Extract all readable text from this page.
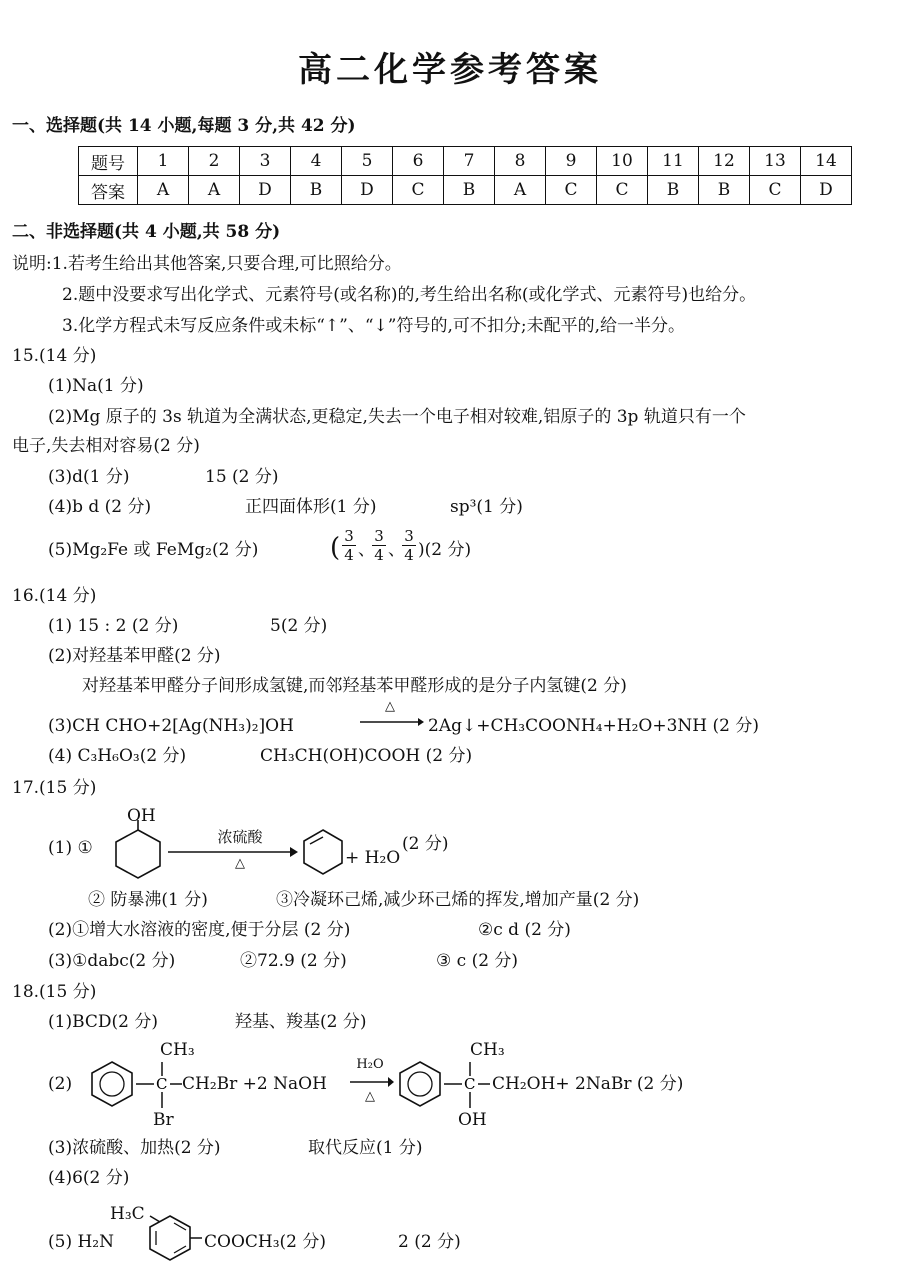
高二化学参考答案
一、选择题(共 14 小题,每题 3 分,共 42 分)
题号	1	2	3	4	5	6	7	8	9	10	11	12	13	14
答案	A	A	D	B	D	C	B	A	C	C	B	B	C	D
二、非选择题(共 4 小题,共 58 分)
说明:1.若考生给出其他答案,只要合理,可比照给分。
2.题中没要求写出化学式、元素符号(或名称)的,考生给出名称(或化学式、元素符号)也给分。
3.化学方程式未写反应条件或未标“↑”、“↓”符号的,可不扣分;未配平的,给一半分。
15.(14 分)
(1)Na(1 分)
(2)Mg 原子的 3s 轨道为全满状态,更稳定,失去一个电子相对较难,铝原子的 3p 轨道只有一个
电子,失去相对容易(2 分)
(3)d(1 分)	15 (2 分)
(4)b d (2 分)	正四面体形(1 分)	sp³(1 分)
(5)Mg₂Fe 或 FeMg₂(2 分)	( $\frac{3}{4}$ 、
$\frac{3}{4}$ 、
$\frac{3}{4} )(2$ 分)
16.(14 分)
(1) 15 : 2 (2 分)	5(2 分)
(2)对羟基苯甲醛(2 分)
对羟基苯甲醛分子间形成氢键,而邻羟基苯甲醛形成的是分子内氢键(2 分)
(3)CH CHO+2[Ag(NH₃)₂]OH
△
→ 2Ag↓+CH₃COONH₄+H₂O+3NH (2 分)
(4) C₃H₆O₃(2 分)	CH₃CH(OH)COOH (2 分)
17.(15 分)
(1) ①
OH
浓硫酸
△	+ H₂O
(2 分)
② 防暴沸(1 分)	③冷凝环己烯,减少环己烯的挥发,增加产量(2 分)
(2)①增大水溶液的密度,便于分层 (2 分)	②c d (2 分)
(3)①dabc(2 分)	②72.9 (2 分)	③ c (2 分)
18.(15 分)
(1)BCD(2 分)	羟基、羧基(2 分)
(2)	C
CH₃
CH₂Br +2 NaOH
Br
H₂O
△
C
CH₃
CH₂OH+ 2NaBr (2 分)
OH
(3)浓硫酸、加热(2 分)	取代反应(1 分)
(4)6(2 分)
H₃C
(5) H₂N	COOCH₃(2 分)	2 (2 分)
